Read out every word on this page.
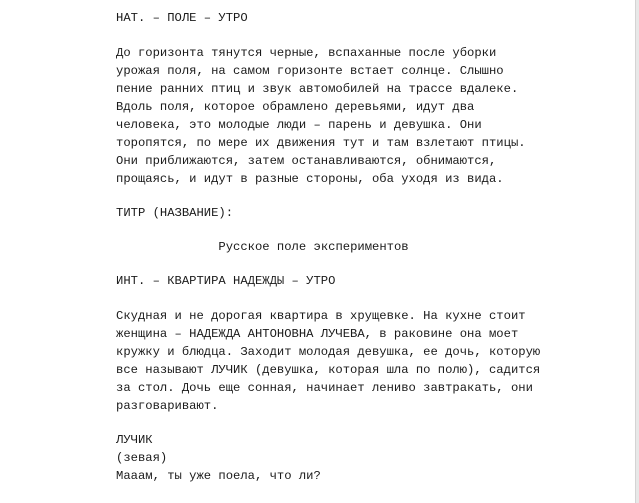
НАТ. – ПОЛЕ – УТРО
До горизонта тянутся черные, вспаханные после уборки
урожая поля, на самом горизонте встает солнце. Слышно
пение ранних птиц и звук автомобилей на трассе вдалеке.
Вдоль поля, которое обрамлено деревьями, идут два
человека, это молодые люди – парень и девушка. Они
торопятся, по мере их движения тут и там взлетают птицы.
Они приближаются, затем останавливаются, обнимаются,
прощаясь, и идут в разные стороны, оба уходя из вида.
ТИТР (НАЗВАНИЕ):
Русское поле экспериментов
ИНТ. – КВАРТИРА НАДЕЖДЫ – УТРО
Скудная и не дорогая квартира в хрущевке. На кухне стоит
женщина – НАДЕЖДА АНТОНОВНА ЛУЧЕВА, в раковине она моет
кружку и блюдца. Заходит молодая девушка, ее дочь, которую
все называют ЛУЧИК (девушка, которая шла по полю), садится
за стол. Дочь еще сонная, начинает лениво завтракать, они
разговаривают.
ЛУЧИК
(зевая)
Мааам, ты уже поела, что ли?
